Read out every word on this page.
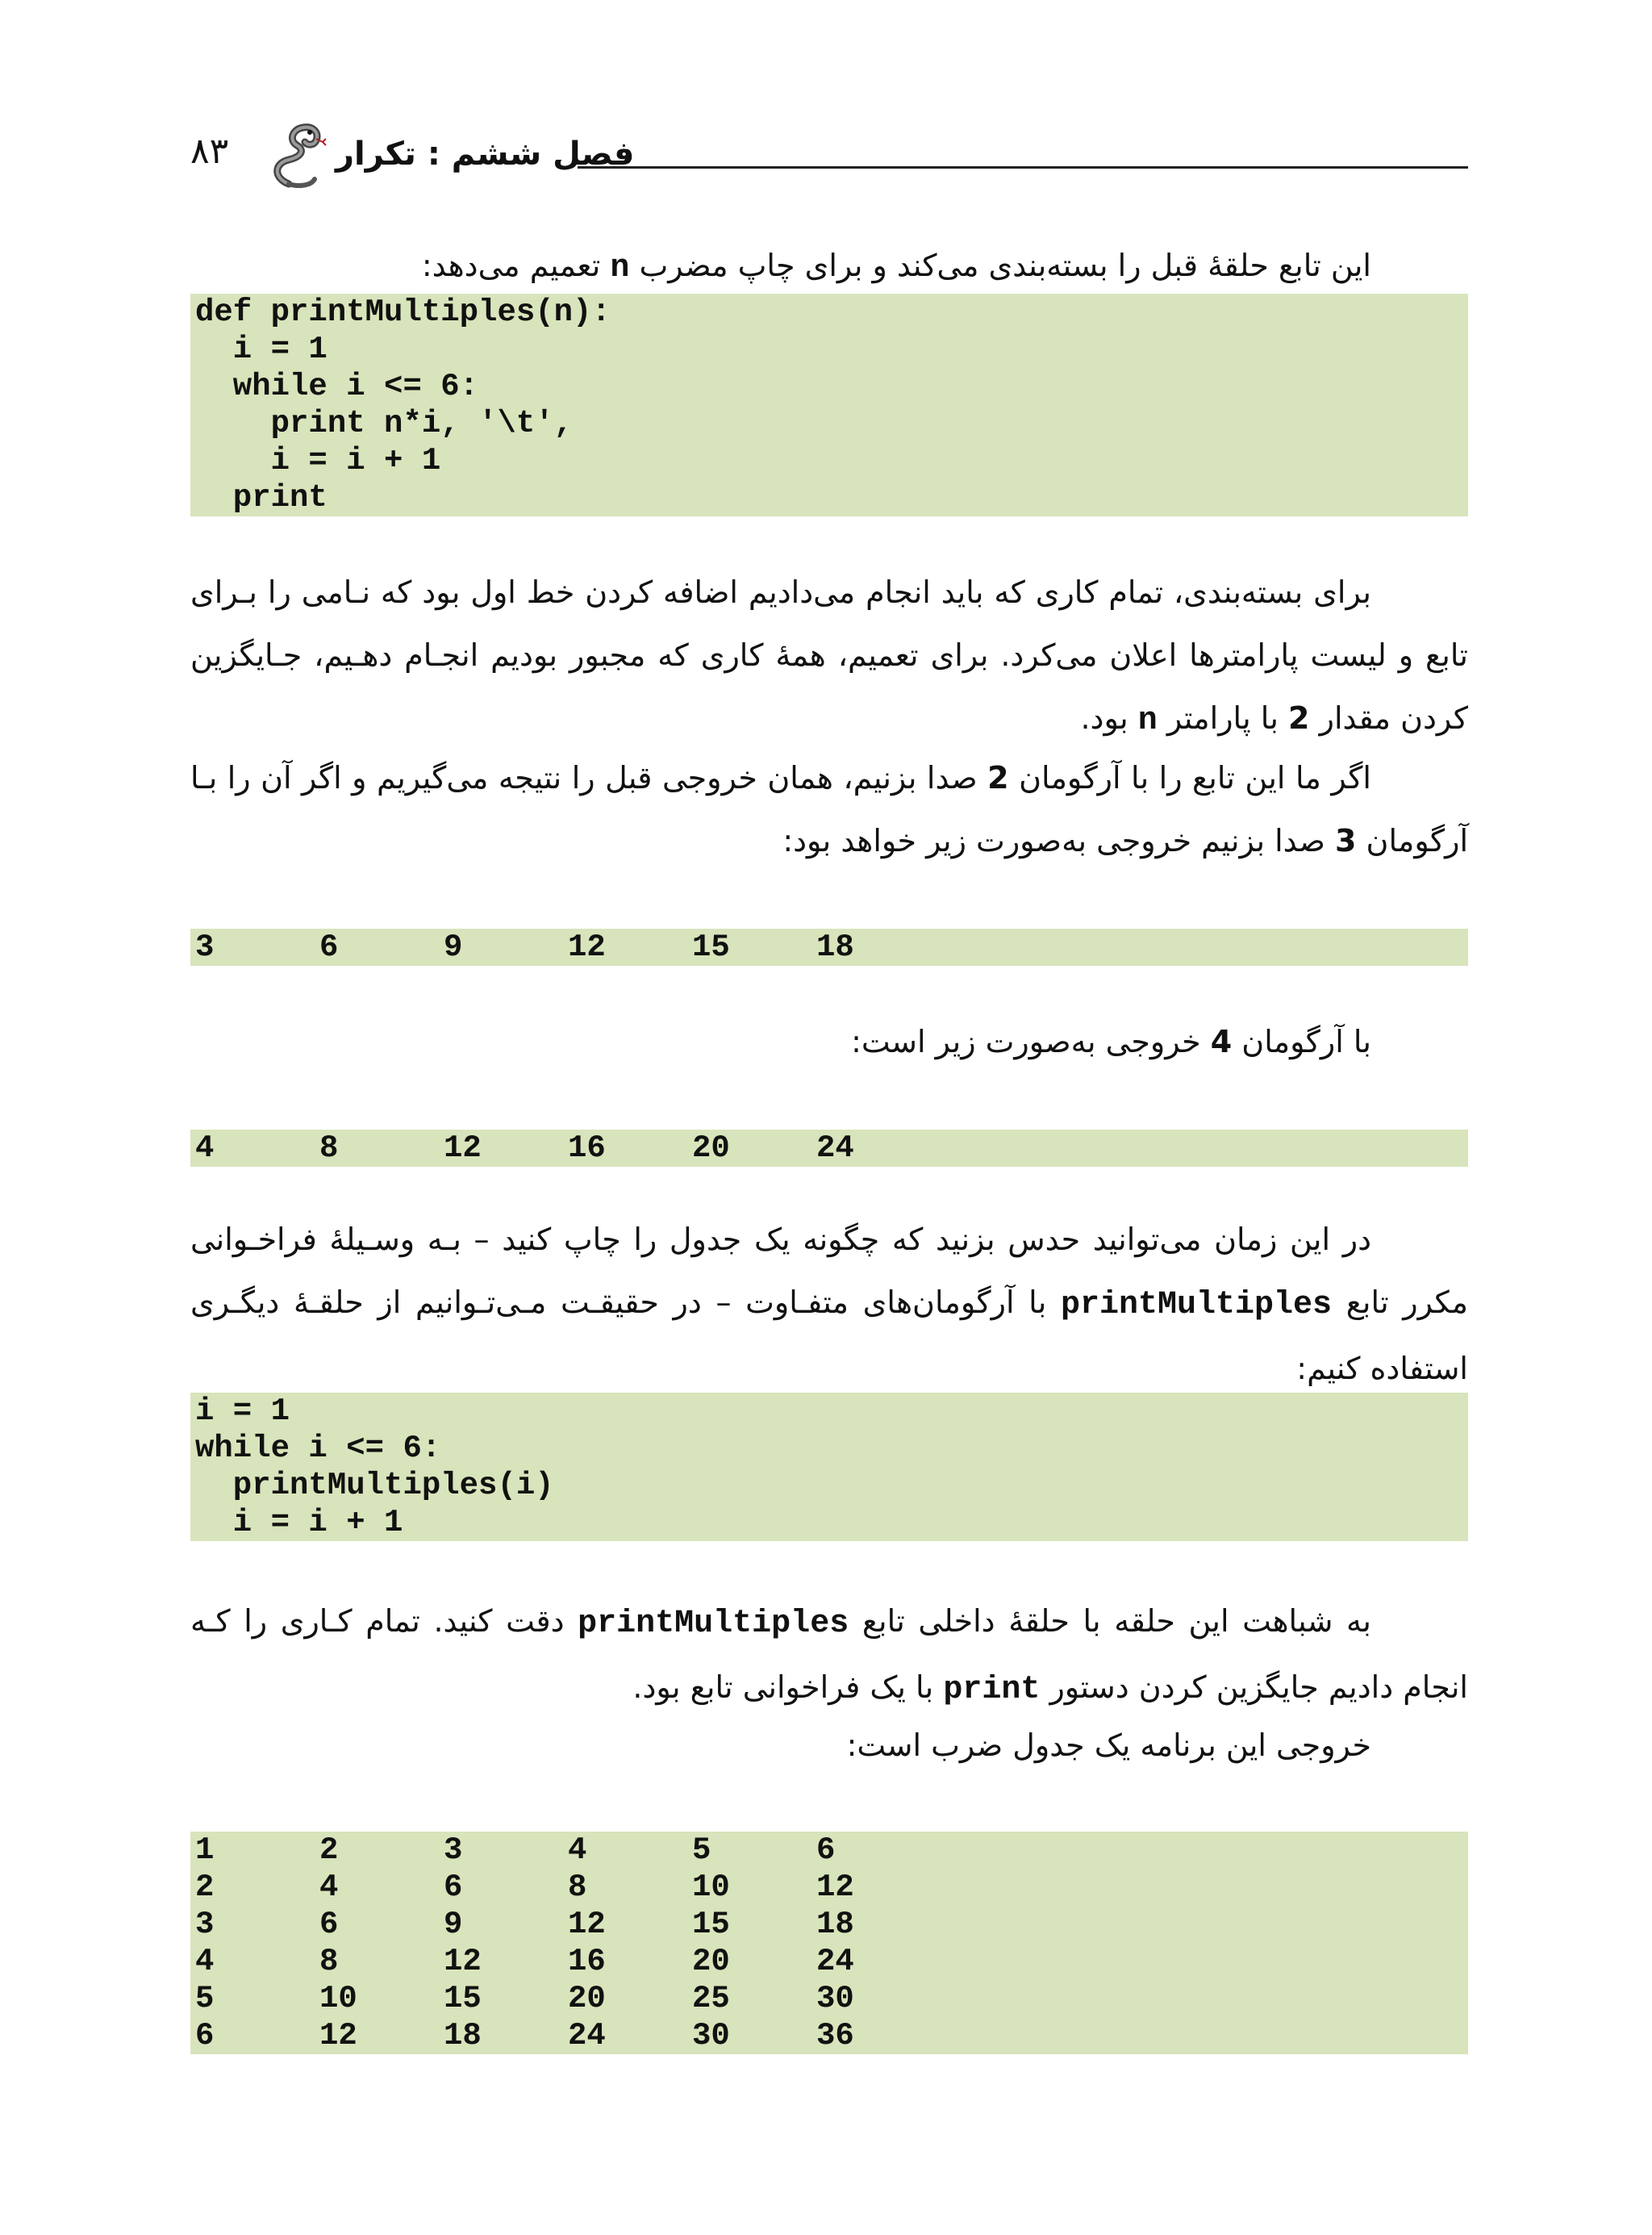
۸۳	فصل ششم : تکرار
این تابع حلقهٔ قبل را بسته‌بندی می‌کند و برای چاپ مضرب n تعمیم می‌دهد:
def printMultiples(n):
i = 1
while i <= 6:
print n*i, '\t',
i = i + 1
print
برای بسته‌بندی، تمام کاری که باید انجام می‌دادیم اضافه کردن خط اول بود که نـامی را بـرای
تابع و لیست پارامترها اعلان می‌کرد. برای تعمیم، همهٔ کاری که مجبور بودیم انجـام دهـیم، جـایگزین
کردن مقدار 2 با پارامتر n بود.
اگر ما این تابع را با آرگومان 2 صدا بزنیم، همان خروجی قبل را نتیجه می‌گیریم و اگر آن را بـا
آرگومان 3 صدا بزنیم خروجی به‌صورت زیر خواهد بود:
3	6	9	12	15	18
با آرگومان 4 خروجی به‌صورت زیر است:
4	8	12	16	20	24
در این زمان می‌توانید حدس بزنید که چگونه یک جدول را چاپ کنید – بـه وسـیلهٔ فراخـوانی
مکرر تابع printMultiples با آرگومان‌های متفـاوت – در حقیقـت مـی‌تـوانیم از حلقـهٔ دیگـری
استفاده کنیم:
i = 1
while i <= 6:
printMultiples(i)
i = i + 1
به شباهت این حلقه با حلقهٔ داخلی تابع printMultiples دقت کنید. تمام کـاری را کـه
انجام دادیم جایگزین کردن دستور print با یک فراخوانی تابع بود.
خروجی این برنامه یک جدول ضرب است:
1	2	3	4	5	6
2	4	6	8	10	12
3	6	9	12	15	18
4	8	12	16	20	24
5	10	15	20	25	30
6	12	18	24	30	36
